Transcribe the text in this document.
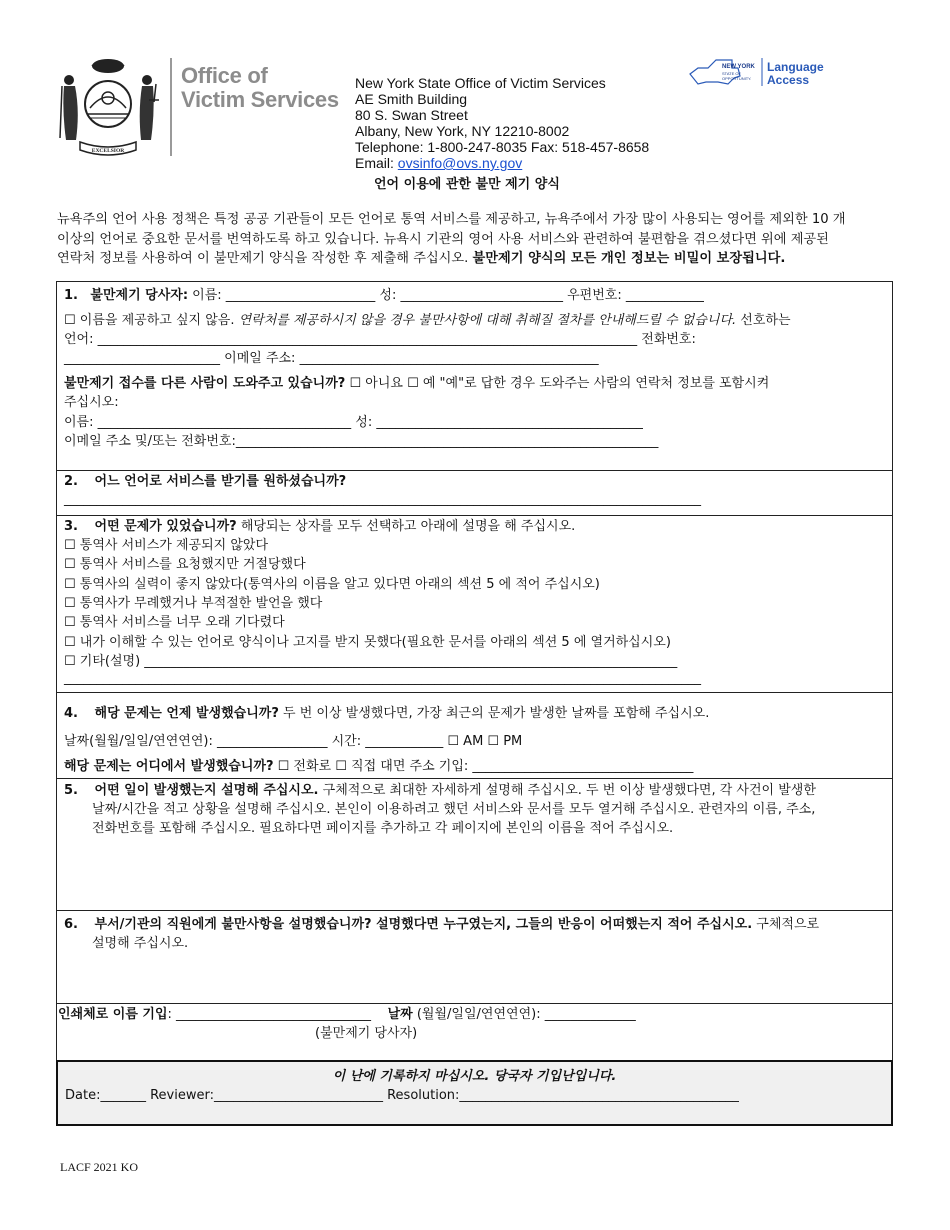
EXCELSIOR
Office of
Victim Services
New York State Office of Victim Services
AE Smith Building
80 S. Swan Street
Albany, New York, NY 12210-8002
Telephone: 1-800-247-8035 Fax: 518-457-8658
Email: ovsinfo@ovs.ny.gov
NEW YORK
STATE OF
OPPORTUNITY.
Language
Access
언어 이용에 관한 불만 제기 양식
뉴욕주의 언어 사용 정책은 특정 공공 기관들이 모든 언어로 통역 서비스를 제공하고, 뉴욕주에서 가장 많이 사용되는 영어를 제외한 10 개
이상의 언어로 중요한 문서를 번역하도록 하고 있습니다. 뉴욕시 기관의 영어 사용 서비스와 관련하여 불편함을 겪으셨다면 위에 제공된
연락처 정보를 사용하여 이 불만제기 양식을 작성한 후 제출해 주십시오. 불만제기 양식의 모든 개인 정보는 비밀이 보장됩니다.
1. 불만제기 당사자: 이름: _______________________ 성: _________________________ 우편번호: ____________
☐ 이름을 제공하고 싶지 않음. 연락처를 제공하시지 않을 경우 불만사항에 대해 취해질 절차를 안내해드릴 수 없습니다. 선호하는
언어: ___________________________________________________________________________________ 전화번호:
________________________ 이메일 주소: ______________________________________________
불만제기 접수를 다른 사람이 도와주고 있습니까? ☐ 아니요 ☐ 예 "예"로 답한 경우 도와주는 사람의 연락처 정보를 포함시켜
주십시오:
이름: _______________________________________ 성: _________________________________________
이메일 주소 및/또는 전화번호:_________________________________________________________________
2. 어느 언어로 서비스를 받기를 원하셨습니까?
__________________________________________________________________________________________________
3. 어떤 문제가 있었습니까? 해당되는 상자를 모두 선택하고 아래에 설명을 해 주십시오.
☐ 통역사 서비스가 제공되지 않았다
☐ 통역사 서비스를 요청했지만 거절당했다
☐ 통역사의 실력이 좋지 않았다(통역사의 이름을 알고 있다면 아래의 섹션 5 에 적어 주십시오)
☐ 통역사가 무례했거나 부적절한 발언을 했다
☐ 통역사 서비스를 너무 오래 기다렸다
☐ 내가 이해할 수 있는 언어로 양식이나 고지를 받지 못했다(필요한 문서를 아래의 섹션 5 에 열거하십시오)
☐ 기타(설명) __________________________________________________________________________________
__________________________________________________________________________________________________
4. 해당 문제는 언제 발생했습니까? 두 번 이상 발생했다면, 가장 최근의 문제가 발생한 날짜를 포함해 주십시오.
날짜(월월/일일/연연연연): _________________ 시간: ____________ ☐ AM ☐ PM
해당 문제는 어디에서 발생했습니까? ☐ 전화로 ☐ 직접 대면 주소 기입: __________________________________
5. 어떤 일이 발생했는지 설명해 주십시오. 구체적으로 최대한 자세하게 설명해 주십시오. 두 번 이상 발생했다면, 각 사건이 발생한
날짜/시간을 적고 상황을 설명해 주십시오. 본인이 이용하려고 했던 서비스와 문서를 모두 열거해 주십시오. 관련자의 이름, 주소,
전화번호를 포함해 주십시오. 필요하다면 페이지를 추가하고 각 페이지에 본인의 이름을 적어 주십시오.
6. 부서/기관의 직원에게 불만사항을 설명했습니까? 설명했다면 누구였는지, 그들의 반응이 어떠했는지 적어 주십시오. 구체적으로
설명해 주십시오.
인쇄체로 이름 기입: ______________________________ 날짜 (월월/일일/연연연연): ______________
(불만제기 당사자)
이 난에 기록하지 마십시오. 당국자 기입난입니다.
Date:_______ Reviewer:__________________________ Resolution:___________________________________________
LACF 2021 KO
